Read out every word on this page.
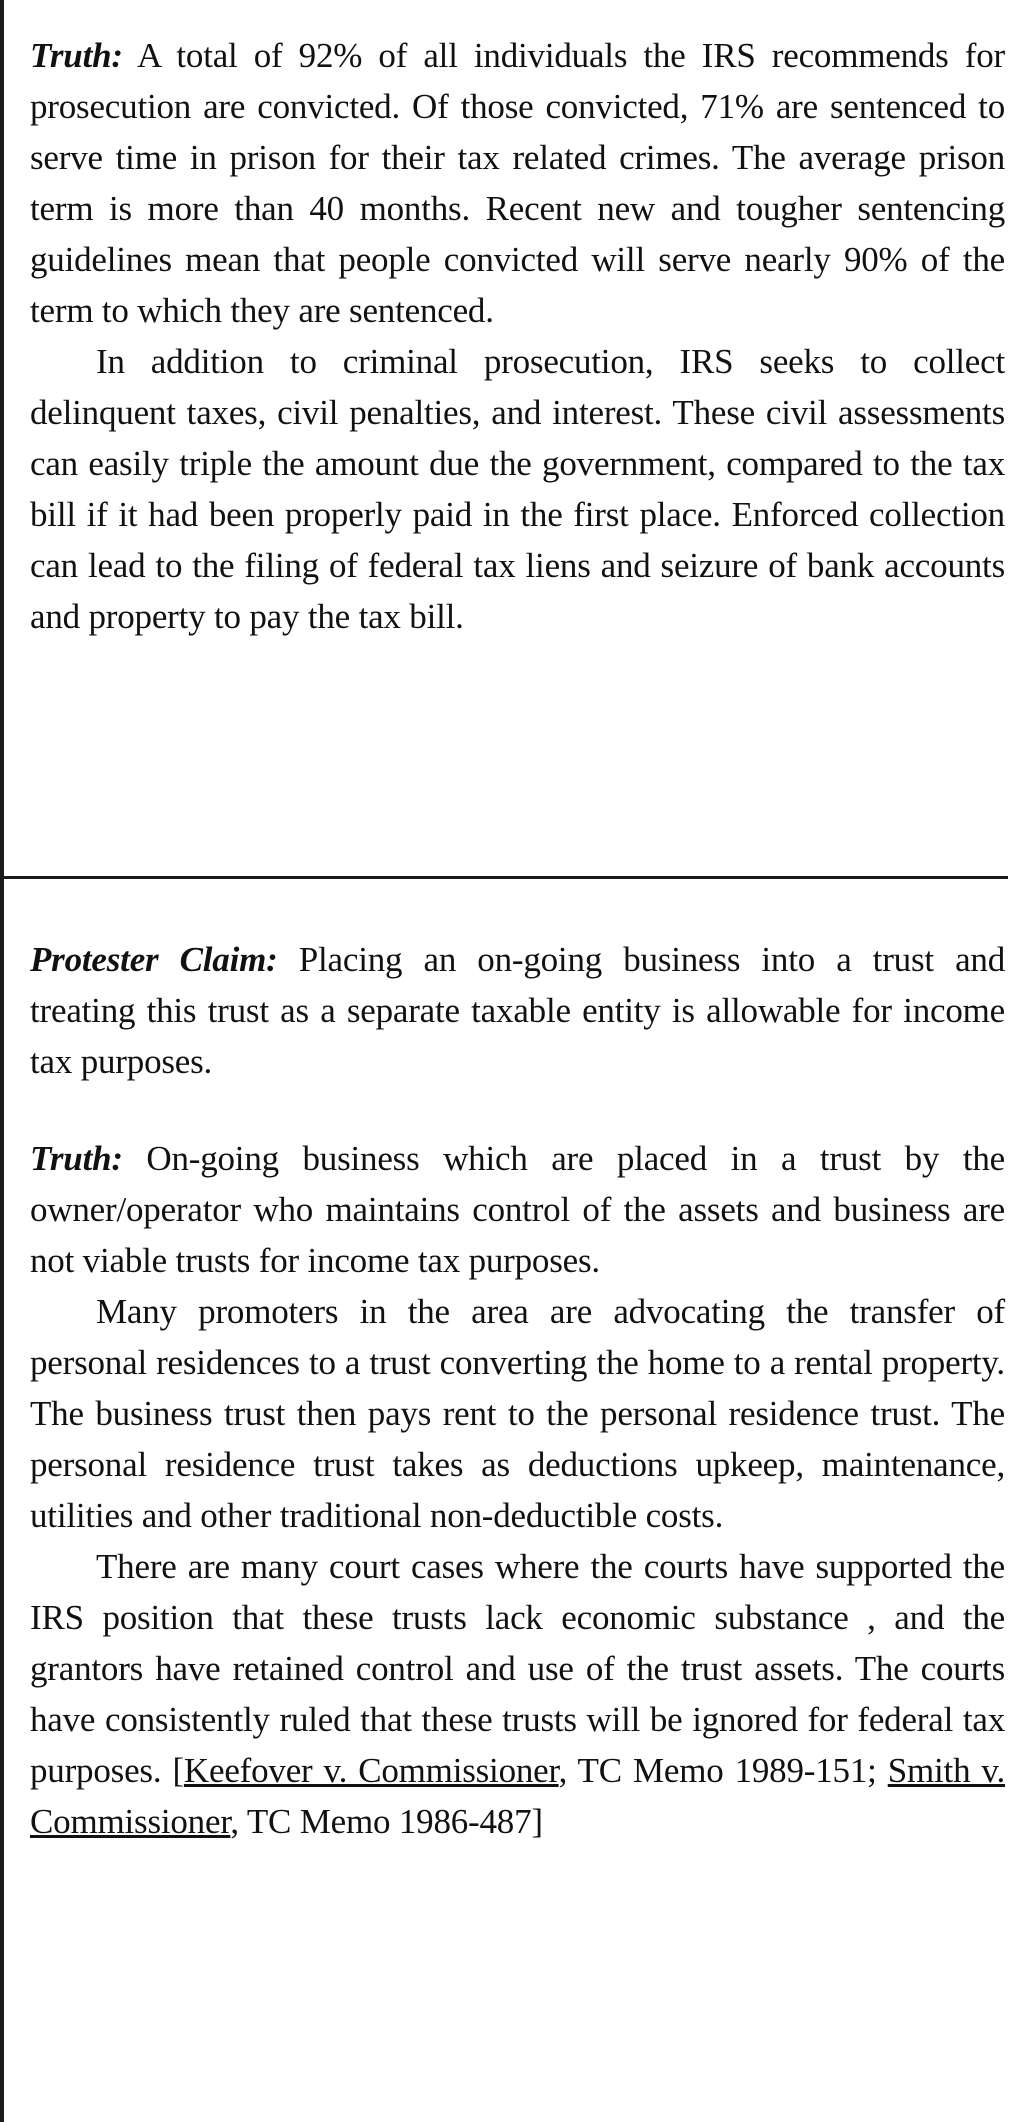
Truth: A total of 92% of all individuals the IRS recommends for prosecution are convicted. Of those convicted, 71% are sentenced to serve time in prison for their tax related crimes. The average prison term is more than 40 months. Recent new and tougher sentencing guidelines mean that people convicted will serve nearly 90% of the term to which they are sentenced.

In addition to criminal prosecution, IRS seeks to collect delinquent taxes, civil penalties, and interest. These civil assessments can easily triple the amount due the government, compared to the tax bill if it had been properly paid in the first place. Enforced collection can lead to the filing of federal tax liens and seizure of bank accounts and property to pay the tax bill.

Protester Claim: Placing an on-going business into a trust and treating this trust as a separate taxable entity is allowable for income tax purposes.

Truth: On-going business which are placed in a trust by the owner/operator who maintains control of the assets and business are not viable trusts for income tax purposes.

Many promoters in the area are advocating the transfer of personal residences to a trust converting the home to a rental property. The business trust then pays rent to the personal residence trust. The personal residence trust takes as deductions upkeep, maintenance, utilities and other traditional non-deductible costs.

There are many court cases where the courts have supported the IRS position that these trusts lack economic substance , and the grantors have retained control and use of the trust assets. The courts have consistently ruled that these trusts will be ignored for federal tax purposes. [Keefover v. Commissioner, TC Memo 1989-151; Smith v. Commissioner, TC Memo 1986-487]
